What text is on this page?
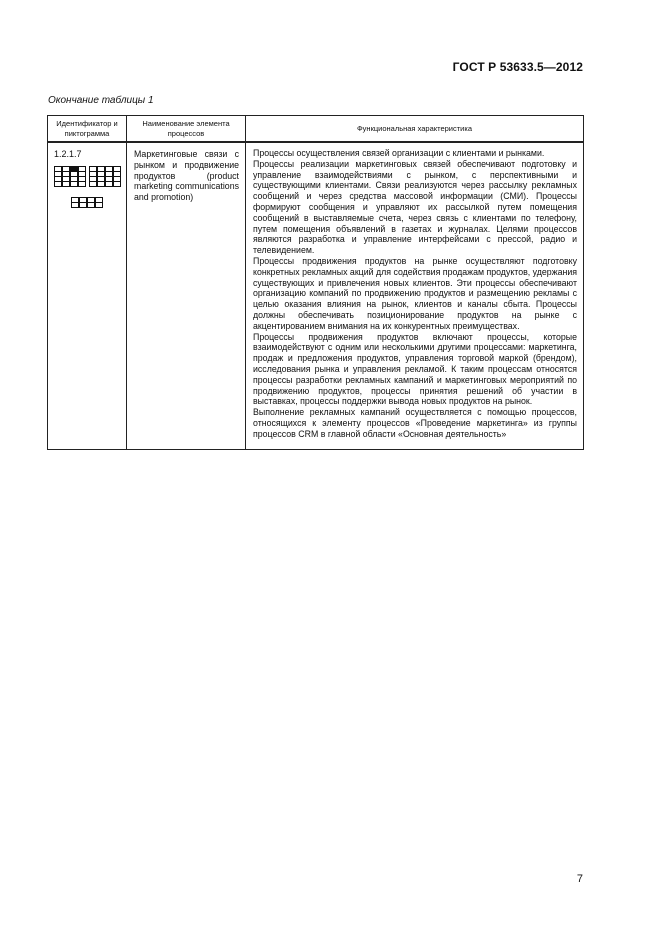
ГОСТ Р 53633.5—2012
Окончание таблицы 1
Идентификатор и пиктограмма	Наименование элемента процессов	Функциональная характеристика

1.2.1.7	Маркетинговые связи с рынком и продвижение продуктов (product marketing communications and promotion)	Процессы осуществления связей организации с клиентами и рынками.

Процессы реализации маркетинговых связей обеспечивают подготовку и управление взаимодействиями с рынком, с перспективными и существующими клиентами. Связи реализуются через рассылку рекламных сообщений и через средства массовой информации (СМИ). Процессы формируют сообщения и управляют их рассылкой путем помещения сообщений в выставляемые счета, через связь с клиентами по телефону, путем помещения объявлений в газетах и журналах. Целями процессов являются разработка и управление интерфейсами с прессой, радио и телевидением.

Процессы продвижения продуктов на рынке осуществляют подготовку конкретных рекламных акций для содействия продажам продуктов, удержания существующих и привлечения новых клиентов. Эти процессы обеспечивают организацию компаний по продвижению продуктов и размещению рекламы с целью оказания влияния на рынок, клиентов и каналы сбыта. Процессы должны обеспечивать позиционирование продуктов на рынке с акцентированием внимания на их конкурентных преимуществах.

Процессы продвижения продуктов включают процессы, которые взаимодействуют с одним или несколькими другими процессами: маркетинга, продаж и предложения продуктов, управления торговой маркой (брендом), исследования рынка и управления рекламой. К таким процессам относятся процессы разработки рекламных кампаний и маркетинговых мероприятий по продвижению продуктов, процессы принятия решений об участии в выставках, процессы поддержки вывода новых продуктов на рынок.

Выполнение рекламных кампаний осуществляется с помощью процессов, относящихся к элементу процессов «Проведение маркетинга» из группы процессов CRM в главной области «Основная деятельность»

7
